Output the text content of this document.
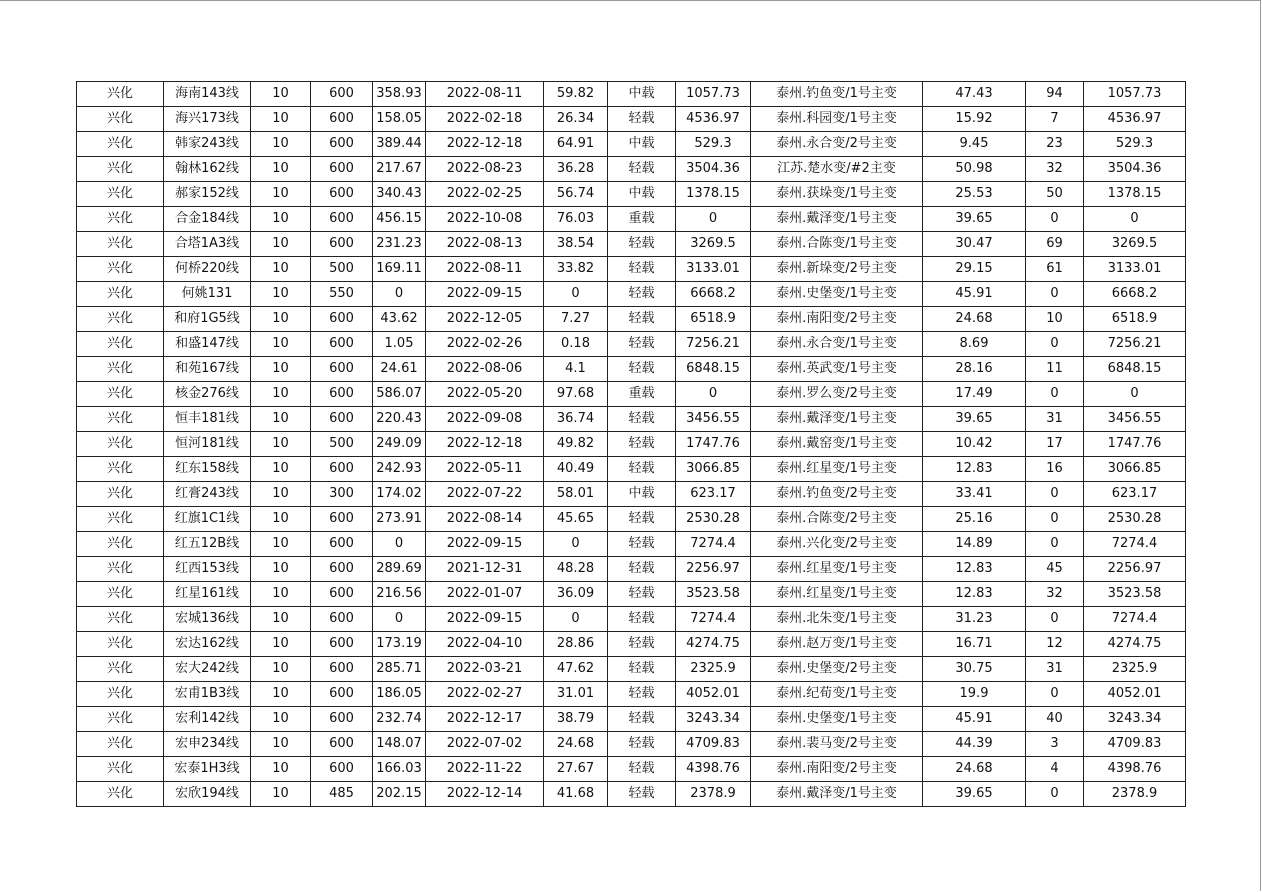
兴化	海南143线	10	600	358.93	2022-08-11	59.82	中载	1057.73	泰州.钓鱼变/1号主变	47.43	94	1057.73
兴化	海兴173线	10	600	158.05	2022-02-18	26.34	轻载	4536.97	泰州.科园变/1号主变	15.92	7	4536.97
兴化	韩家243线	10	600	389.44	2022-12-18	64.91	中载	529.3	泰州.永合变/2号主变	9.45	23	529.3
兴化	翰林162线	10	600	217.67	2022-08-23	36.28	轻载	3504.36	江苏.楚水变/#2主变	50.98	32	3504.36
兴化	郝家152线	10	600	340.43	2022-02-25	56.74	中载	1378.15	泰州.获垛变/1号主变	25.53	50	1378.15
兴化	合金184线	10	600	456.15	2022-10-08	76.03	重载	0	泰州.戴泽变/1号主变	39.65	0	0
兴化	合塔1A3线	10	600	231.23	2022-08-13	38.54	轻载	3269.5	泰州.合陈变/1号主变	30.47	69	3269.5
兴化	何桥220线	10	500	169.11	2022-08-11	33.82	轻载	3133.01	泰州.新垛变/2号主变	29.15	61	3133.01
兴化	何姚131	10	550	0	2022-09-15	0	轻载	6668.2	泰州.史堡变/1号主变	45.91	0	6668.2
兴化	和府1G5线	10	600	43.62	2022-12-05	7.27	轻载	6518.9	泰州.南阳变/2号主变	24.68	10	6518.9
兴化	和盛147线	10	600	1.05	2022-02-26	0.18	轻载	7256.21	泰州.永合变/1号主变	8.69	0	7256.21
兴化	和苑167线	10	600	24.61	2022-08-06	4.1	轻载	6848.15	泰州.英武变/1号主变	28.16	11	6848.15
兴化	核金276线	10	600	586.07	2022-05-20	97.68	重载	0	泰州.罗么变/2号主变	17.49	0	0
兴化	恒丰181线	10	600	220.43	2022-09-08	36.74	轻载	3456.55	泰州.戴泽变/1号主变	39.65	31	3456.55
兴化	恒河181线	10	500	249.09	2022-12-18	49.82	轻载	1747.76	泰州.戴窑变/1号主变	10.42	17	1747.76
兴化	红东158线	10	600	242.93	2022-05-11	40.49	轻载	3066.85	泰州.红星变/1号主变	12.83	16	3066.85
兴化	红膏243线	10	300	174.02	2022-07-22	58.01	中载	623.17	泰州.钓鱼变/2号主变	33.41	0	623.17
兴化	红旗1C1线	10	600	273.91	2022-08-14	45.65	轻载	2530.28	泰州.合陈变/2号主变	25.16	0	2530.28
兴化	红五12B线	10	600	0	2022-09-15	0	轻载	7274.4	泰州.兴化变/2号主变	14.89	0	7274.4
兴化	红西153线	10	600	289.69	2021-12-31	48.28	轻载	2256.97	泰州.红星变/1号主变	12.83	45	2256.97
兴化	红星161线	10	600	216.56	2022-01-07	36.09	轻载	3523.58	泰州.红星变/1号主变	12.83	32	3523.58
兴化	宏城136线	10	600	0	2022-09-15	0	轻载	7274.4	泰州.北朱变/1号主变	31.23	0	7274.4
兴化	宏达162线	10	600	173.19	2022-04-10	28.86	轻载	4274.75	泰州.赵万变/1号主变	16.71	12	4274.75
兴化	宏大242线	10	600	285.71	2022-03-21	47.62	轻载	2325.9	泰州.史堡变/2号主变	30.75	31	2325.9
兴化	宏甫1B3线	10	600	186.05	2022-02-27	31.01	轻载	4052.01	泰州.纪荀变/1号主变	19.9	0	4052.01
兴化	宏利142线	10	600	232.74	2022-12-17	38.79	轻载	3243.34	泰州.史堡变/1号主变	45.91	40	3243.34
兴化	宏申234线	10	600	148.07	2022-07-02	24.68	轻载	4709.83	泰州.裴马变/2号主变	44.39	3	4709.83
兴化	宏泰1H3线	10	600	166.03	2022-11-22	27.67	轻载	4398.76	泰州.南阳变/2号主变	24.68	4	4398.76
兴化	宏欣194线	10	485	202.15	2022-12-14	41.68	轻载	2378.9	泰州.戴泽变/1号主变	39.65	0	2378.9
